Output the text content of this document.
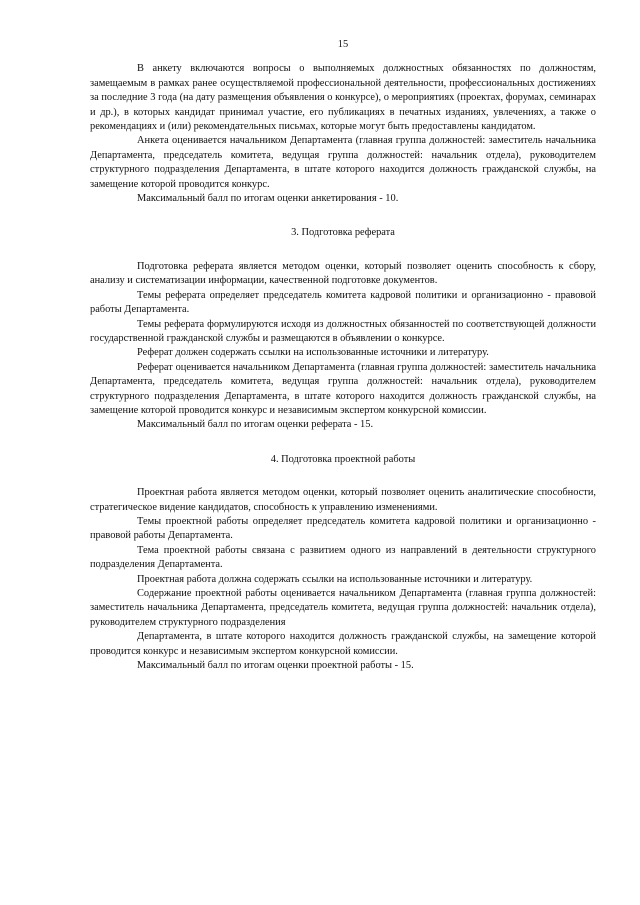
15

В анкету включаются вопросы о выполняемых должностных обязанностях по должностям, замещаемым в рамках ранее осуществляемой профессиональной деятельности, профессиональных достижениях за последние 3 года (на дату размещения объявления о конкурсе), о мероприятиях (проектах, форумах, семинарах и др.), в которых кандидат принимал участие, его публикациях в печатных изданиях, увлечениях, а также о рекомендациях и (или) рекомендательных письмах, которые могут быть предоставлены кандидатом.

Анкета оценивается начальником Департамента (главная группа должностей: заместитель начальника Департамента, председатель комитета, ведущая группа должностей: начальник отдела), руководителем структурного подразделения Департамента, в штате которого находится должность гражданской службы, на замещение которой проводится конкурс.

Максимальный балл по итогам оценки анкетирования - 10.

3. Подготовка реферата

Подготовка реферата является методом оценки, который позволяет оценить способность к сбору, анализу и систематизации информации, качественной подготовке документов.

Темы реферата определяет председатель комитета кадровой политики и организационно - правовой работы Департамента.

Темы реферата формулируются исходя из должностных обязанностей по соответствующей должности государственной гражданской службы и размещаются в объявлении о конкурсе.

Реферат должен содержать ссылки на использованные источники и литературу.

Реферат оценивается начальником Департамента (главная группа должностей: заместитель начальника Департамента, председатель комитета, ведущая группа должностей: начальник отдела), руководителем структурного подразделения Департамента, в штате которого находится должность гражданской службы, на замещение которой проводится конкурс и независимым экспертом конкурсной комиссии.

Максимальный балл по итогам оценки реферата - 15.

4. Подготовка проектной работы

Проектная работа является методом оценки, который позволяет оценить аналитические способности, стратегическое видение кандидатов, способность к управлению изменениями.

Темы проектной работы определяет председатель комитета кадровой политики и организационно - правовой работы Департамента.

Тема проектной работы связана с развитием одного из направлений в деятельности структурного подразделения Департамента.

Проектная работа должна содержать ссылки на использованные источники и литературу.

Содержание проектной работы оценивается начальником Департамента (главная группа должностей: заместитель начальника Департамента, председатель комитета, ведущая группа должностей: начальник отдела), руководителем структурного подразделения

Департамента, в штате которого находится должность гражданской службы, на замещение которой проводится конкурс и независимым экспертом конкурсной комиссии.

Максимальный балл по итогам оценки проектной работы - 15.
